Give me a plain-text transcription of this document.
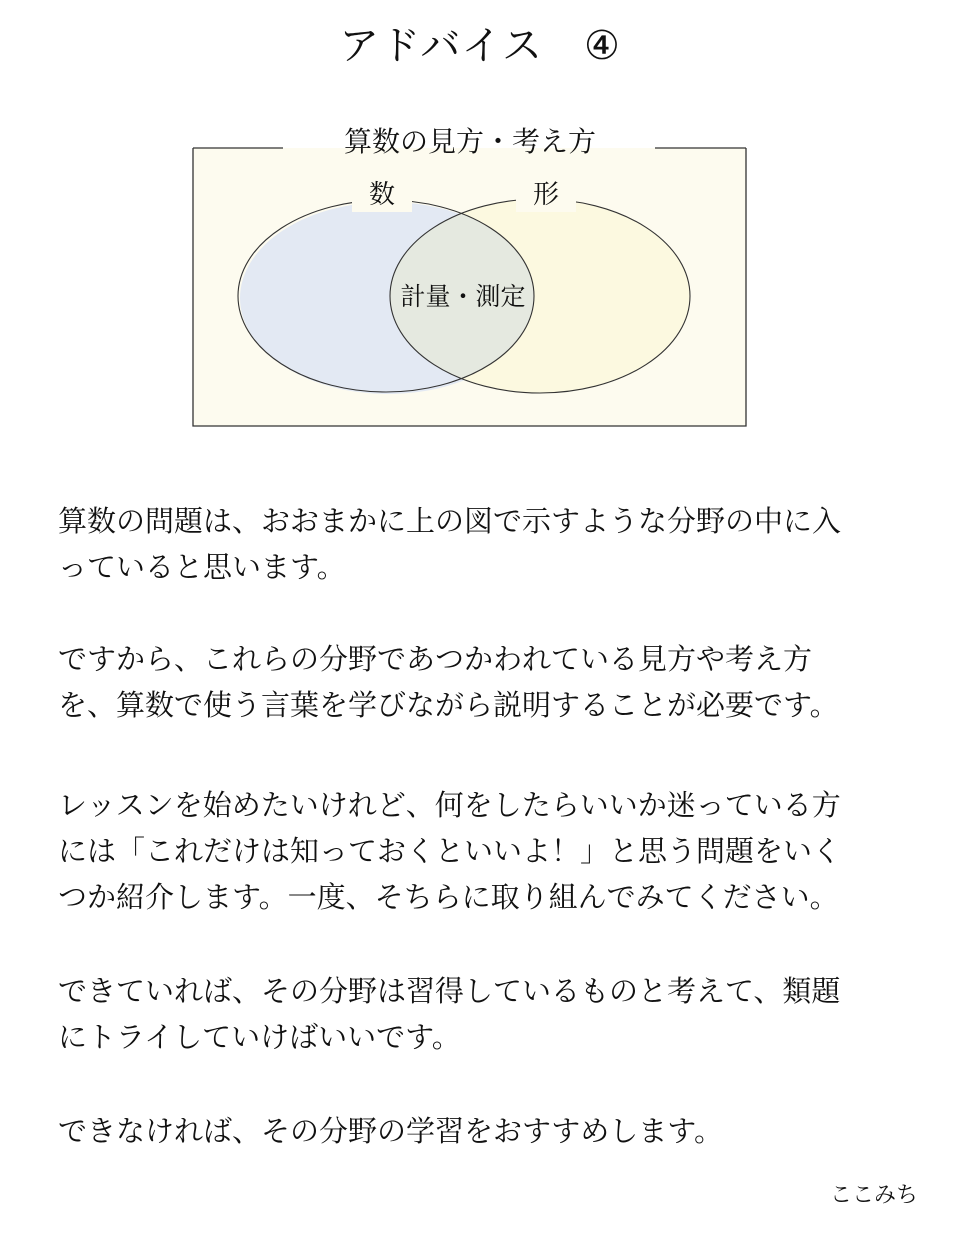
アドバイス　④
算数の見方・考え方
数	形
計量・測定
算数の問題は、おおまかに上の図で示すような分野の中に入
っていると思います。
ですから、これらの分野であつかわれている見方や考え方
を、算数で使う言葉を学びながら説明することが必要です。
レッスンを始めたいけれど、何をしたらいいか迷っている方
には「これだけは知っておくといいよ！」と思う問題をいく
つか紹介します。一度、そちらに取り組んでみてください。
できていれば、その分野は習得しているものと考えて、類題
にトライしていけばいいです。
できなければ、その分野の学習をおすすめします。
ここみち
